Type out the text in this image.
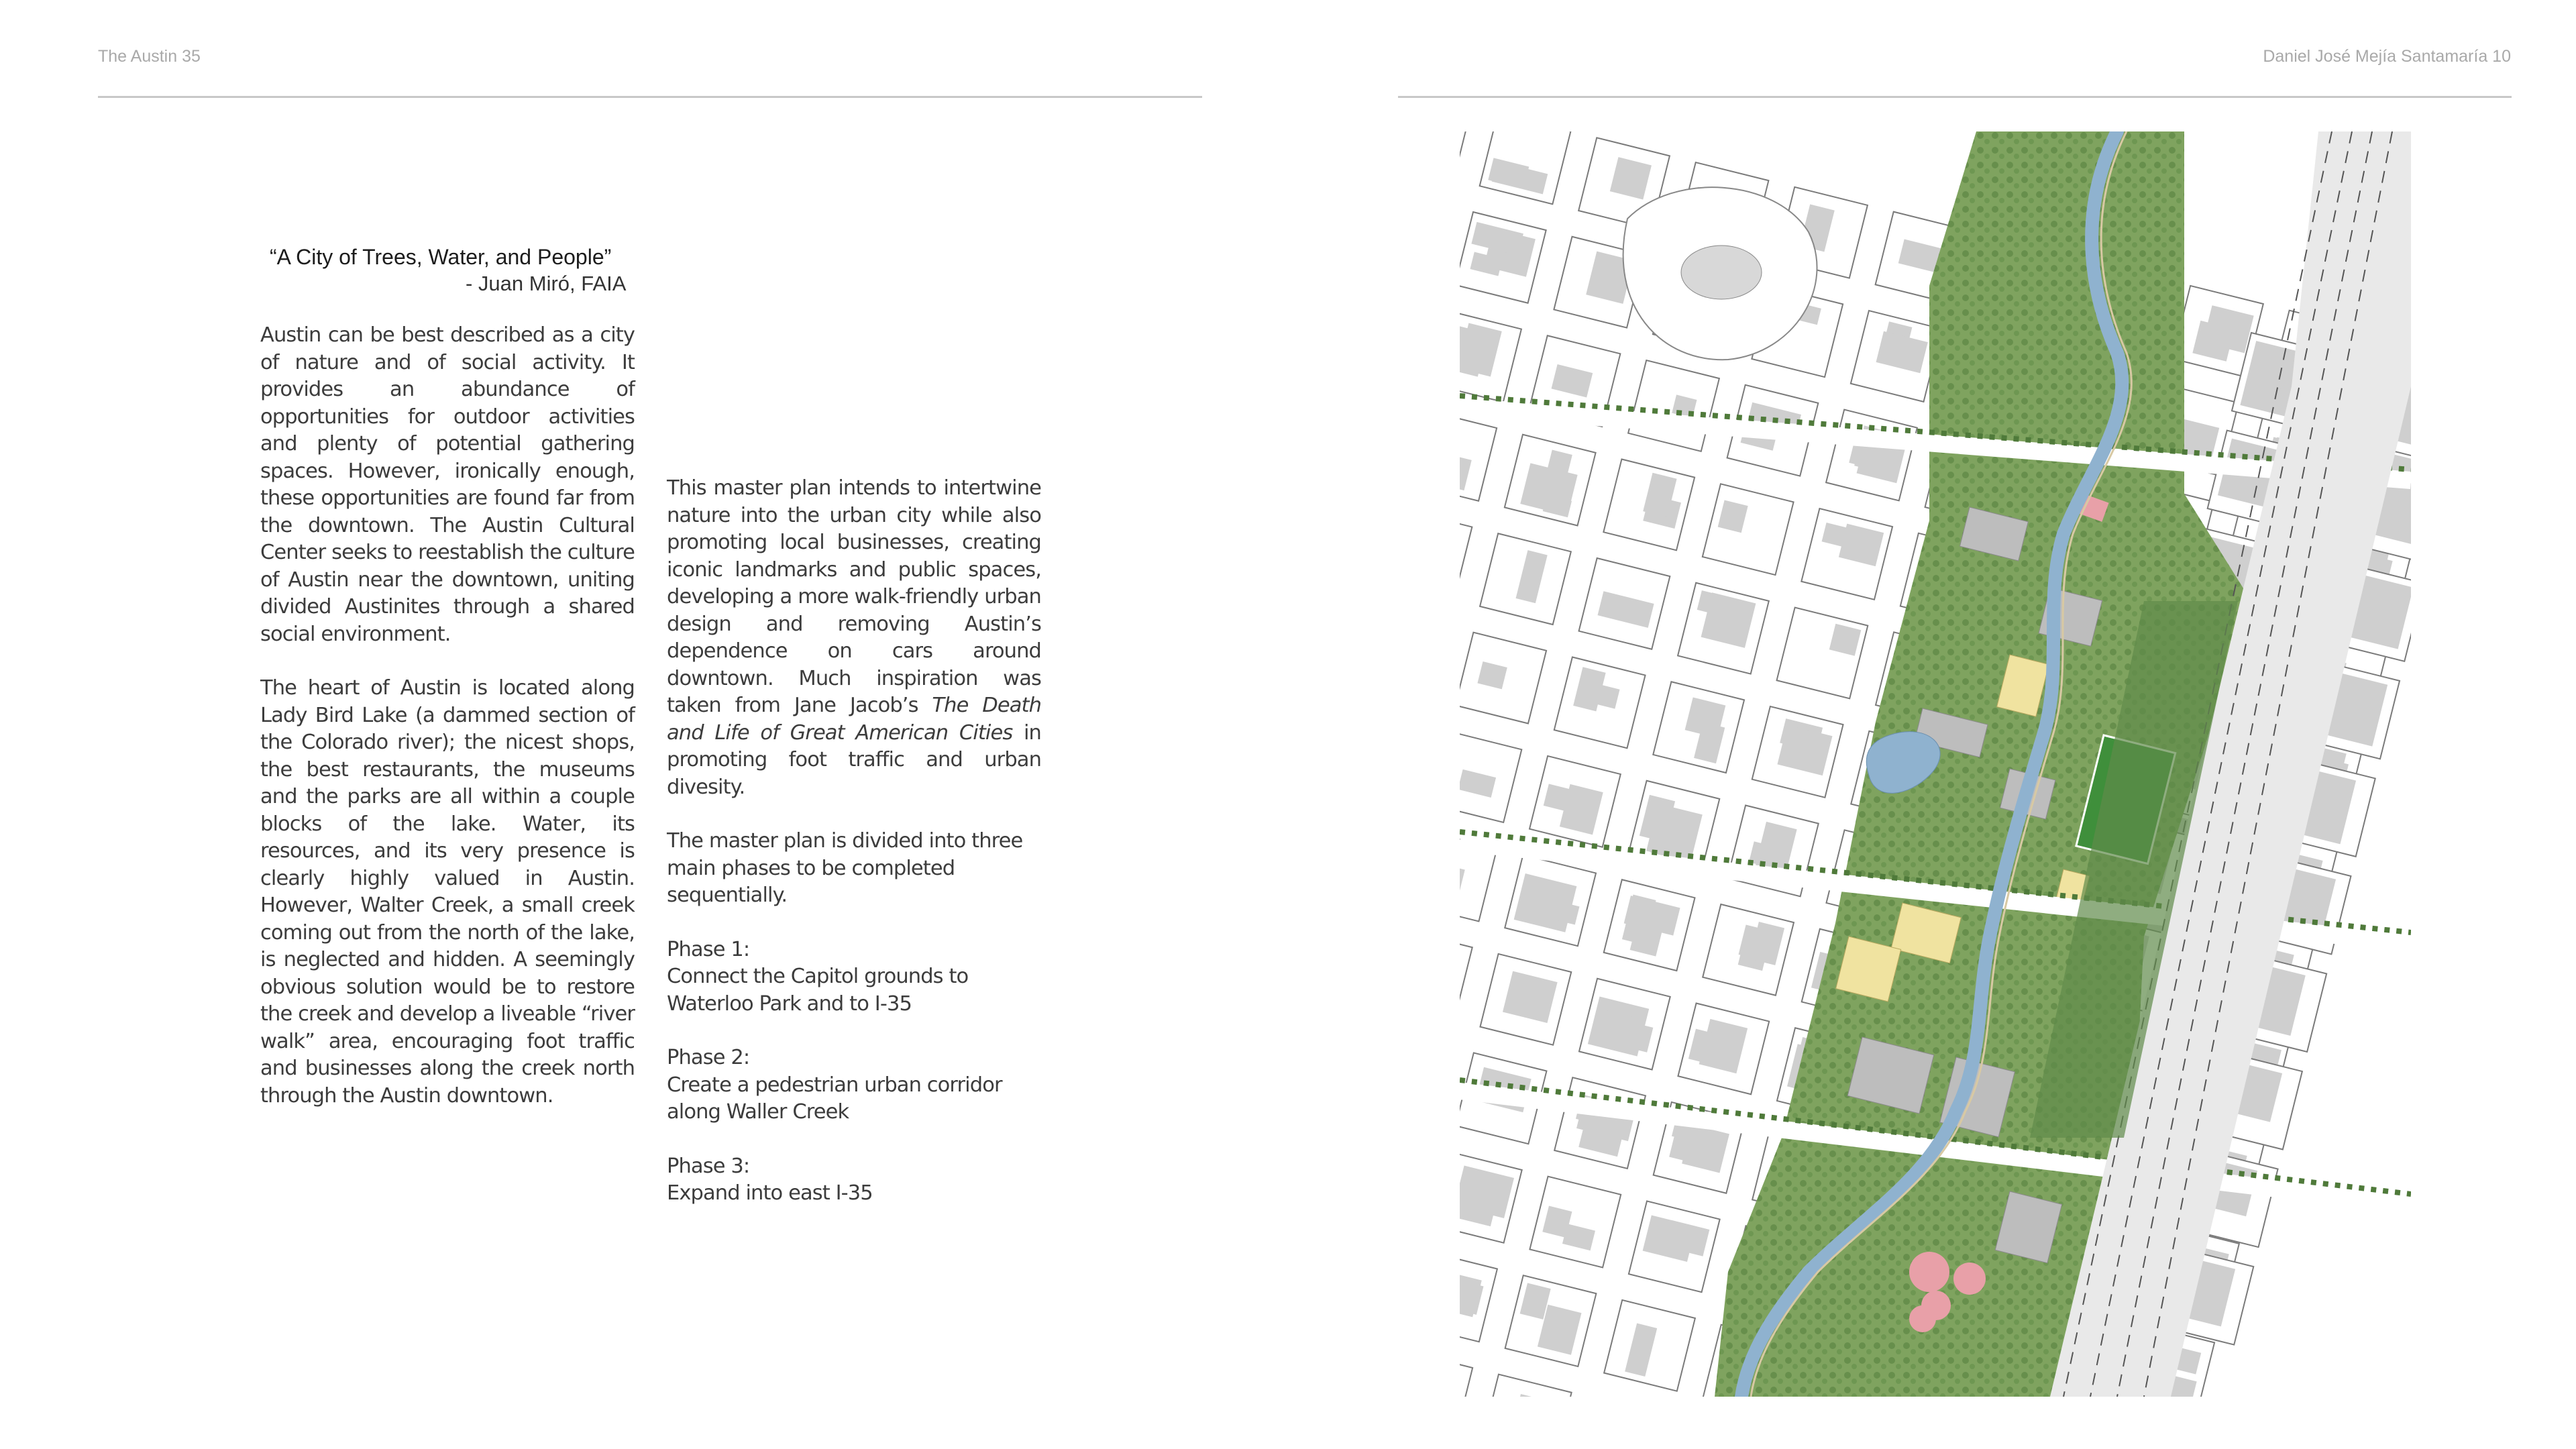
The Austin 35	Daniel José Mejía Santamaría 10
“A City of Trees, Water, and People”
- Juan Miró, FAIA

Austin can be best described as a city of nature and of social activity. It provides an abundance of opportunities for outdoor activities and plenty of potential gathering spaces. However, ironically enough, these opportunities are found far from the downtown. The Austin Cultural Center seeks to reestablish the culture of Austin near the downtown, uniting divided Austinites through a shared social environment.

The heart of Austin is located along Lady Bird Lake (a dammed section of the Colorado river); the nicest shops, the best restaurants, the museums and the parks are all within a couple blocks of the lake. Water, its resources, and its very presence is clearly highly valued in Austin. However, Walter Creek, a small creek coming out from the north of the lake, is neglected and hidden. A seemingly obvious solution would be to restore the creek and develop a liveable “river walk” area, encouraging foot traffic and businesses along the creek north through the Austin downtown.

This master plan intends to intertwine nature into the urban city while also promoting local businesses, creating iconic landmarks and public spaces, developing a more walk-friendly urban design and removing Austin’s dependence on cars around downtown. Much inspiration was taken from Jane Jacob’s The Death and Life of Great American Cities in promoting foot traffic and urban divesity.

The master plan is divided into three main phases to be completed sequentially.

Phase 1:
Connect the Capitol grounds to Waterloo Park and to I-35

Phase 2:
Create a pedestrian urban corridor along Waller Creek

Phase 3:
Expand into east I-35
